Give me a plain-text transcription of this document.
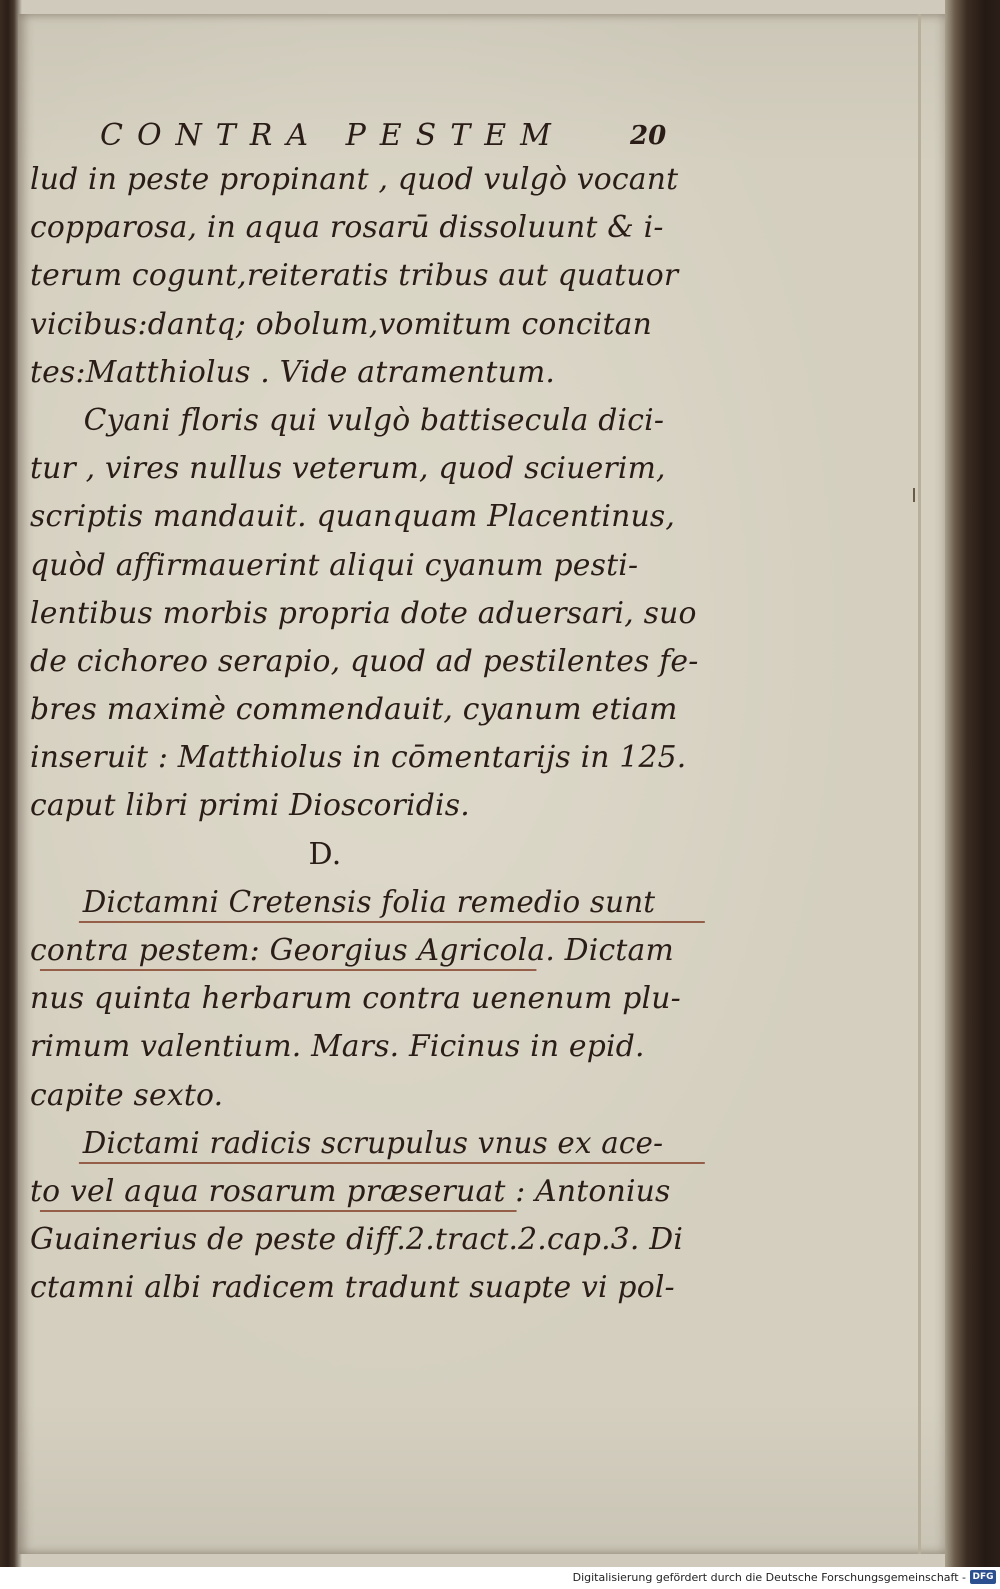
CONTRA PESTEM	20
lud in peste propinant , quod vulgò vocant
copparosa, in aqua rosarū dissoluunt & i-
terum cogunt,reiteratis tribus aut quatuor
vicibus:dantq; obolum,vomitum concitan
tes:Matthiolus . Vide atramentum.
Cyani floris qui vulgò battisecula dici-
tur , vires nullus veterum, quod sciuerim,
scriptis mandauit. quanquam Placentinus,
quòd affirmauerint aliqui cyanum pesti-
lentibus morbis propria dote aduersari, suo
de cichoreo serapio, quod ad pestilentes fe-
bres maximè commendauit, cyanum etiam
inseruit : Matthiolus in cōmentarijs in 125.
caput libri primi Dioscoridis.
D.
Dictamni Cretensis folia remedio sunt
contra pestem: Georgius Agricola. Dictam
nus quinta herbarum contra uenenum plu-
rimum valentium. Mars. Ficinus in epid.
capite sexto.
Dictami radicis scrupulus vnus ex ace-
to vel aqua rosarum præseruat : Antonius
Guainerius de peste diff.2.tract.2.cap.3. Di
ctamni albi radicem tradunt suapte vi pol-
Digitalisierung gefördert durch die Deutsche Forschungsgemeinschaft - DFG
